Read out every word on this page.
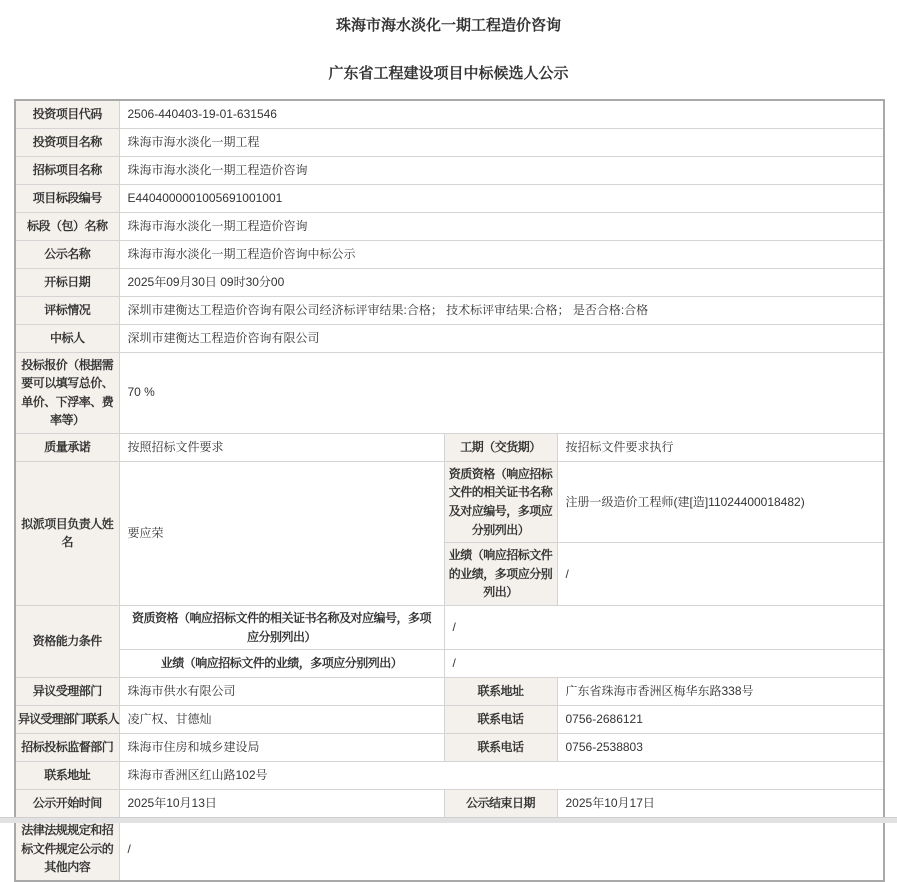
珠海市海水淡化一期工程造价咨询
广东省工程建设项目中标候选人公示
投资项目代码	2506-440403-19-01-631546		
投资项目名称	珠海市海水淡化一期工程		
招标项目名称	珠海市海水淡化一期工程造价咨询		
项目标段编号	E4404000001005691001001		
标段（包）名称	珠海市海水淡化一期工程造价咨询		
公示名称	珠海市海水淡化一期工程造价咨询中标公示		
开标日期	2025年09月30日 09时30分00		
评标情况	深圳市建衡达工程造价咨询有限公司经济标评审结果:合格； 技术标评审结果:合格； 是否合格:合格		
中标人	深圳市建衡达工程造价咨询有限公司		
投标报价（根据需要可以填写总价、单价、下浮率、费率等）	70 %		
质量承诺	按照招标文件要求	工期（交货期）	按招标文件要求执行
拟派项目负责人姓名	要应荣	资质资格（响应招标文件的相关证书名称及对应编号，多项应分别列出）	注册一级造价工程师(建[造]11024400018482)
		业绩（响应招标文件的业绩，多项应分别列出）	/
资格能力条件	资质资格（响应招标文件的相关证书名称及对应编号，多项应分别列出）	/	
	业绩（响应招标文件的业绩，多项应分别列出）	/	
异议受理部门	珠海市供水有限公司	联系地址	广东省珠海市香洲区梅华东路338号
异议受理部门联系人	凌广权、甘德灿	联系电话	0756-2686121
招标投标监督部门	珠海市住房和城乡建设局	联系电话	0756-2538803
联系地址	珠海市香洲区红山路102号		
公示开始时间	2025年10月13日	公示结束日期	2025年10月17日
法律法规规定和招标文件规定公示的其他内容	/		
